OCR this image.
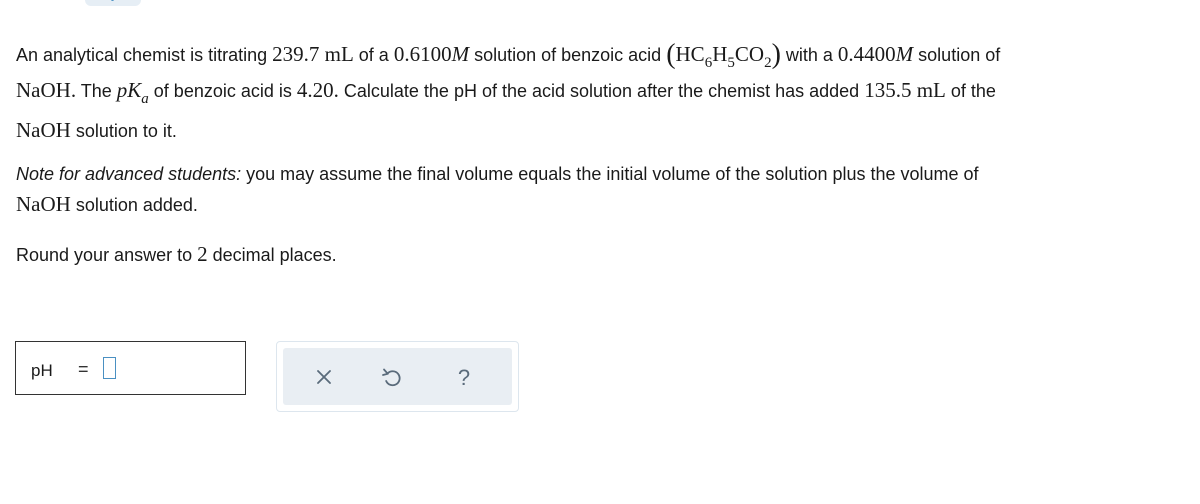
An analytical chemist is titrating 239.7 mL of a 0.6100M solution of benzoic acid $(HC_6H_5CO_2)$ with a 0.4400M solution of
NaOH. The $pK_a$ of benzoic acid is 4.20. Calculate the pH of the acid solution after the chemist has added 135.5 mL of the
NaOH solution to it.
Note for advanced students: you may assume the final volume equals the initial volume of the solution plus the volume of
NaOH solution added.
Round your answer to 2 decimal places.
pH =	?
